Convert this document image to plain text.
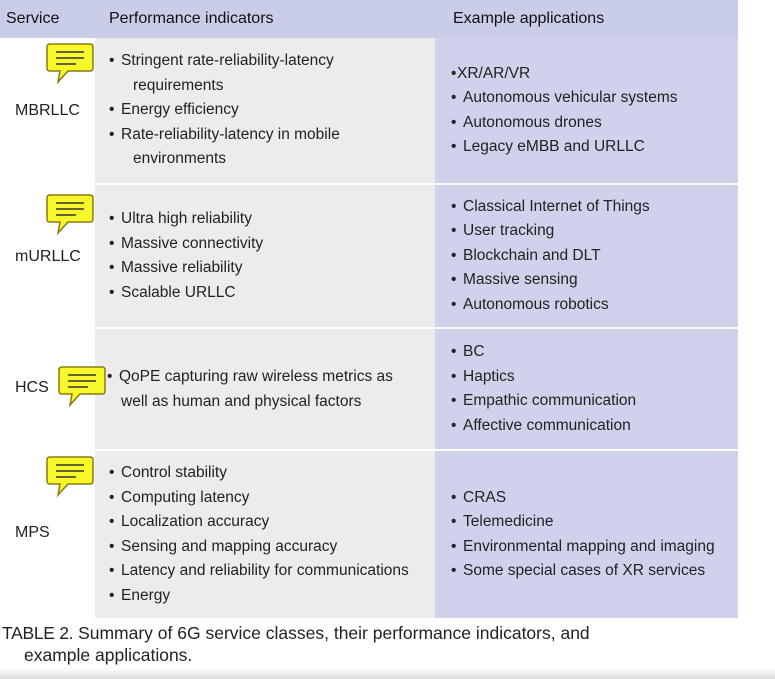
Service	Performance indicators	Example applications
MBRLLC
• Stringent rate-reliability-latency
requirements
• Energy efficiency
• Rate-reliability-latency in mobile
environments
• XR/AR/VR
• Autonomous vehicular systems
• Autonomous drones
• Legacy eMBB and URLLC
mURLLC
• Ultra high reliability
• Massive connectivity
• Massive reliability
• Scalable URLLC
• Classical Internet of Things
• User tracking
• Blockchain and DLT
• Massive sensing
• Autonomous robotics
HCS
• QoPE capturing raw wireless metrics as
well as human and physical factors
• BC
• Haptics
• Empathic communication
• Affective communication
MPS
• Control stability
• Computing latency
• Localization accuracy
• Sensing and mapping accuracy
• Latency and reliability for communications
• Energy
• CRAS
• Telemedicine
• Environmental mapping and imaging
• Some special cases of XR services
TABLE 2. Summary of 6G service classes, their performance indicators, and
example applications.
